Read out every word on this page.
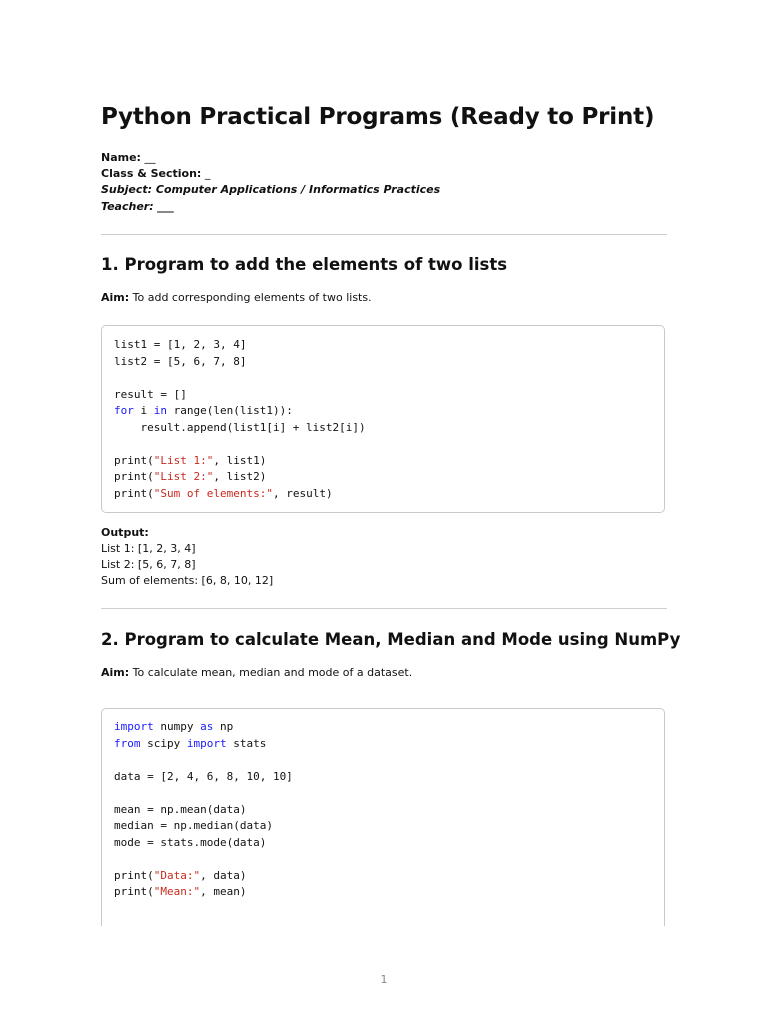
Python Practical Programs (Ready to Print)
Name: __
Class & Section: _
Subject: Computer Applications / Informatics Practices
Teacher: ___
1. Program to add the elements of two lists
Aim: To add corresponding elements of two lists.
list1 = [1, 2, 3, 4]
list2 = [5, 6, 7, 8]

result = []
for i in range(len(list1)):
result.append(list1[i] + list2[i])

print("List 1:", list1)
print("List 2:", list2)
print("Sum of elements:", result)
Output:
List 1: [1, 2, 3, 4]
List 2: [5, 6, 7, 8]
Sum of elements: [6, 8, 10, 12]
2. Program to calculate Mean, Median and Mode using NumPy
Aim: To calculate mean, median and mode of a dataset.
import numpy as np
from scipy import stats

data = [2, 4, 6, 8, 10, 10]

mean = np.mean(data)
median = np.median(data)
mode = stats.mode(data)

print("Data:", data)
print("Mean:", mean)
1
